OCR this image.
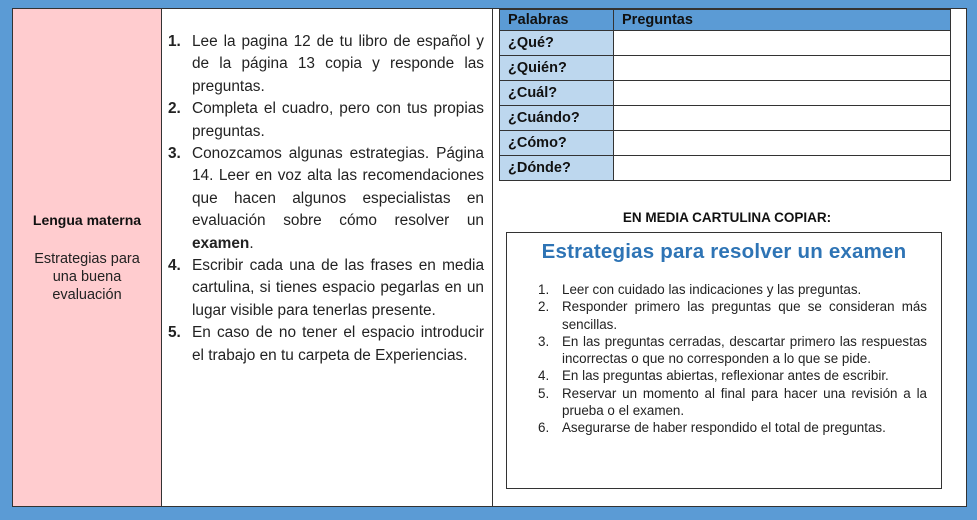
Lengua materna
Estrategias para una buena evaluación
1. Lee la pagina 12 de tu libro de español y de la página 13 copia y responde las preguntas.
2. Completa el cuadro, pero con tus propias preguntas.
3. Conozcamos algunas estrategias. Página 14. Leer en voz alta las recomendaciones que hacen algunos especialistas en evaluación sobre cómo resolver un examen.
4. Escribir cada una de las frases en media cartulina, si tienes espacio pegarlas en un lugar visible para tenerlas presente.
5. En caso de no tener el espacio introducir el trabajo en tu carpeta de Experiencias.
Palabras	Preguntas
¿Qué?	
¿Quién?	
¿Cuál?	
¿Cuándo?	
¿Cómo?	
¿Dónde?	
EN MEDIA CARTULINA COPIAR:
Estrategias para resolver un examen
1. Leer con cuidado las indicaciones y las preguntas.
2. Responder primero las preguntas que se consideran más sencillas.
3. En las preguntas cerradas, descartar primero las respuestas incorrectas o que no corresponden a lo que se pide.
4. En las preguntas abiertas, reflexionar antes de escribir.
5. Reservar un momento al final para hacer una revisión a la prueba o el examen.
6. Asegurarse de haber respondido el total de preguntas.
